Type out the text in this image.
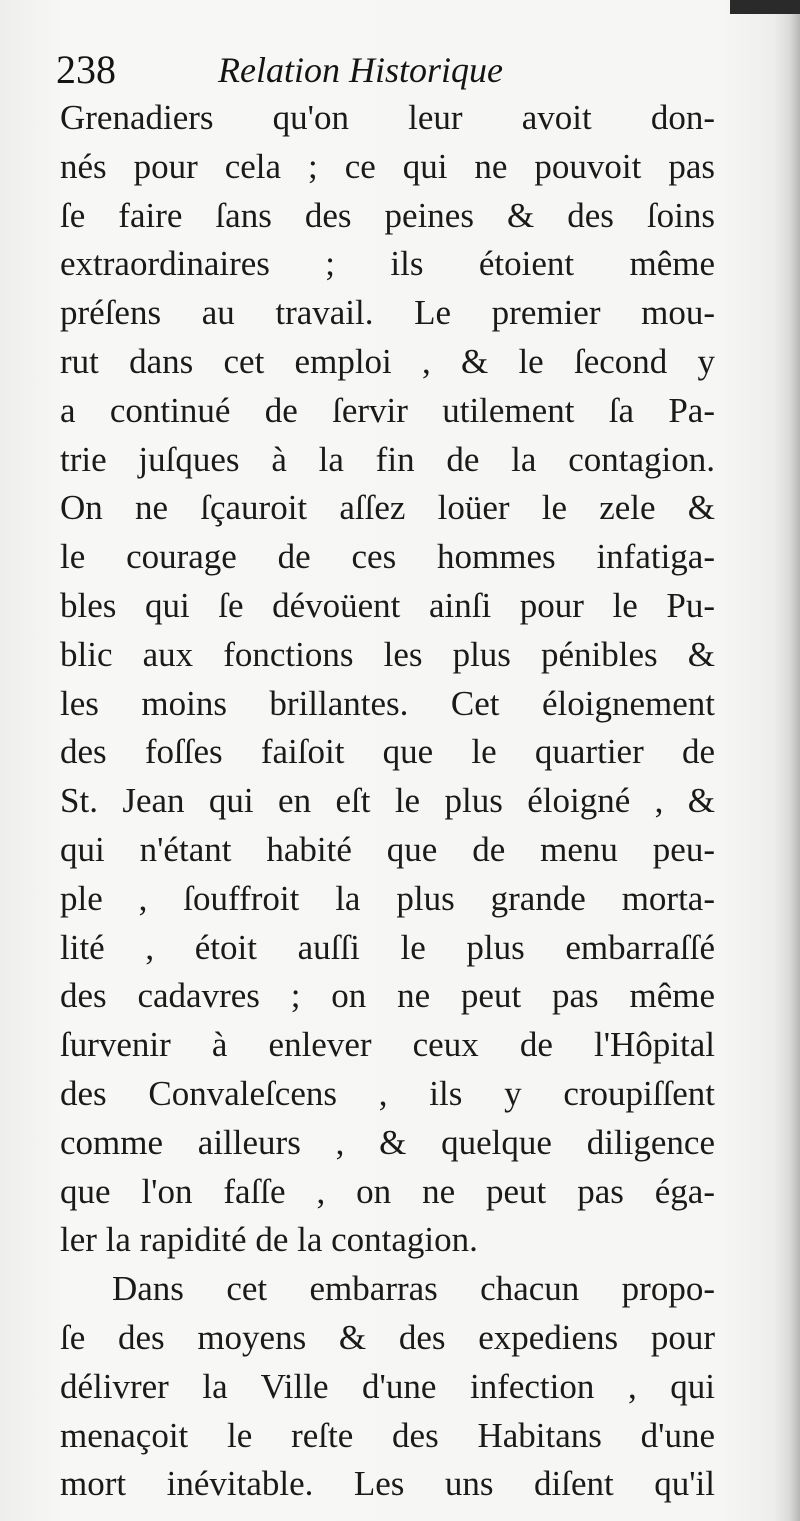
238	Relation Historique
Grenadiers qu'on leur avoit don-
nés pour cela ; ce qui ne pouvoit pas
ſe faire ſans des peines & des ſoins
extraordinaires ; ils étoient même
préſens au travail. Le premier mou-
rut dans cet emploi , & le ſecond y
a continué de ſervir utilement ſa Pa-
trie juſques à la fin de la contagion.
On ne ſçauroit aſſez loüer le zele &
le courage de ces hommes infatiga-
bles qui ſe dévoüent ainſi pour le Pu-
blic aux fonctions les plus pénibles &
les moins brillantes. Cet éloignement
des foſſes faiſoit que le quartier de
St. Jean qui en eſt le plus éloigné , &
qui n'étant habité que de menu peu-
ple , ſouffroit la plus grande morta-
lité , étoit auſſi le plus embarraſſé
des cadavres ; on ne peut pas même
ſurvenir à enlever ceux de l'Hôpital
des Convaleſcens , ils y croupiſſent
comme ailleurs , & quelque diligence
que l'on faſſe , on ne peut pas éga-
ler la rapidité de la contagion.
Dans cet embarras chacun propo-
ſe des moyens & des expediens pour
délivrer la Ville d'une infection , qui
menaçoit le reſte des Habitans d'une
mort inévitable. Les uns diſent qu'il
